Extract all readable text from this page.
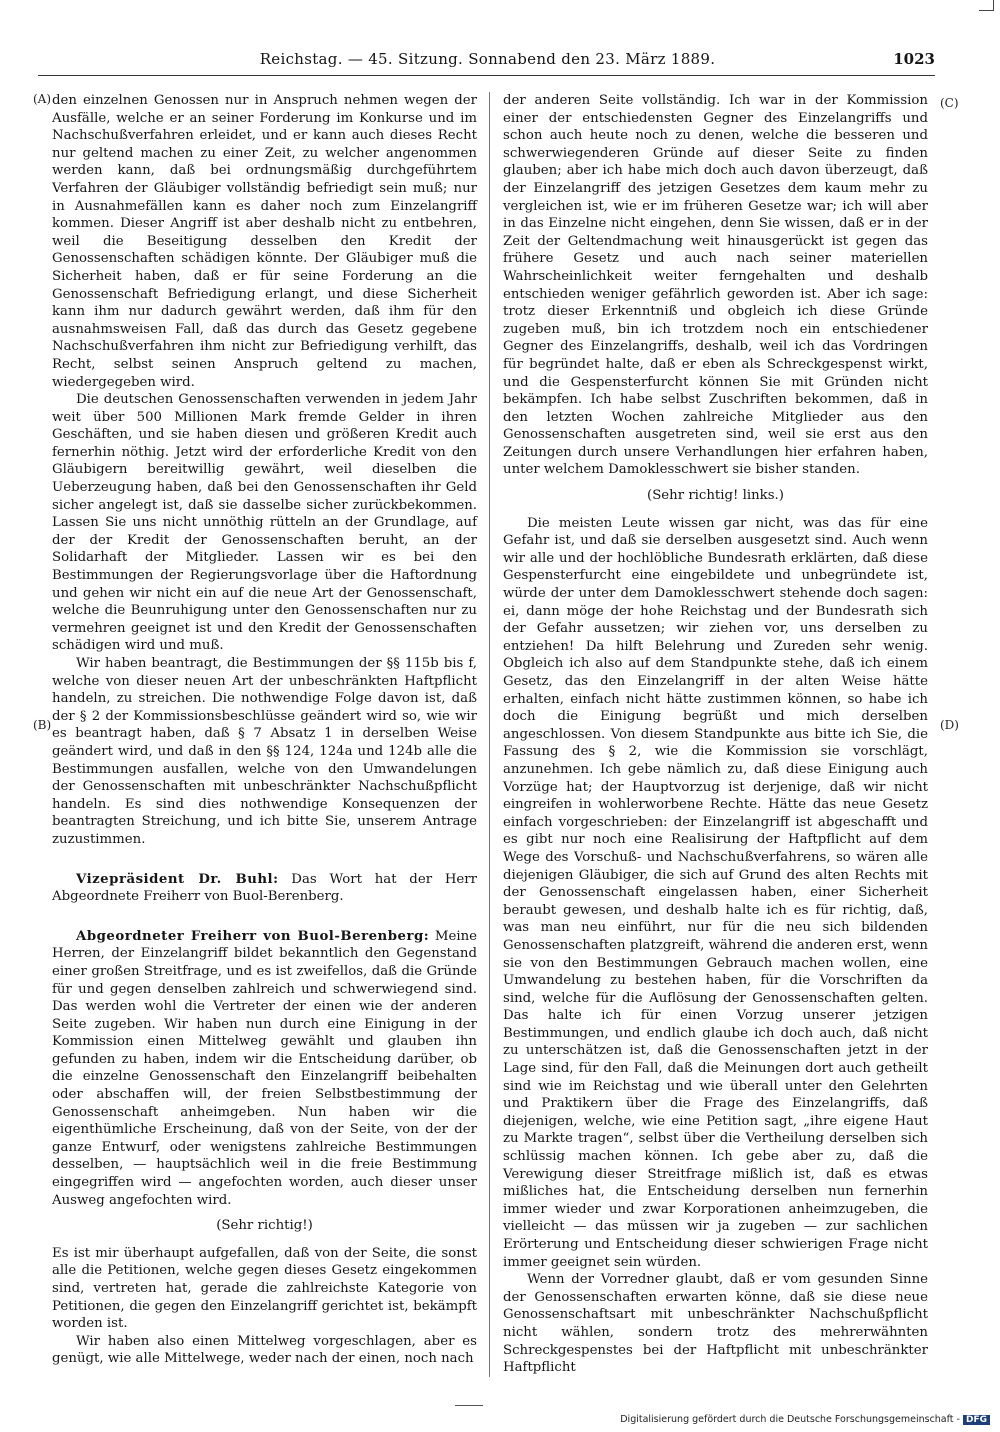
Reichstag. — 45. Sitzung. Sonnabend den 23. März 1889.	1023
(A)
(B)
(C)
(D)

den einzelnen Genossen nur in Anspruch nehmen wegen der Ausfälle, welche er an seiner Forderung im Konkurse und im Nachschußverfahren erleidet, und er kann auch dieses Recht nur geltend machen zu einer Zeit, zu welcher angenommen werden kann, daß bei ordnungsmäßig durchgeführtem Verfahren der Gläubiger vollständig befriedigt sein muß; nur in Ausnahmefällen kann es daher noch zum Einzelangriff kommen. Dieser Angriff ist aber deshalb nicht zu entbehren, weil die Beseitigung desselben den Kredit der Genossenschaften schädigen könnte. Der Gläubiger muß die Sicherheit haben, daß er für seine Forderung an die Genossenschaft Befriedigung erlangt, und diese Sicherheit kann ihm nur dadurch gewährt werden, daß ihm für den ausnahmsweisen Fall, daß das durch das Gesetz gegebene Nachschußverfahren ihm nicht zur Befriedigung verhilft, das Recht, selbst seinen Anspruch geltend zu machen, wiedergegeben wird.

Die deutschen Genossenschaften verwenden in jedem Jahr weit über 500 Millionen Mark fremde Gelder in ihren Geschäften, und sie haben diesen und größeren Kredit auch fernerhin nöthig. Jetzt wird der erforderliche Kredit von den Gläubigern bereitwillig gewährt, weil dieselben die Ueberzeugung haben, daß bei den Genossenschaften ihr Geld sicher angelegt ist, daß sie dasselbe sicher zurückbekommen. Lassen Sie uns nicht unnöthig rütteln an der Grundlage, auf der der Kredit der Genossenschaften beruht, an der Solidarhaft der Mitglieder. Lassen wir es bei den Bestimmungen der Regierungsvorlage über die Haftordnung und gehen wir nicht ein auf die neue Art der Genossenschaft, welche die Beunruhigung unter den Genossenschaften nur zu vermehren geeignet ist und den Kredit der Genossenschaften schädigen wird und muß.

Wir haben beantragt, die Bestimmungen der §§ 115b bis f, welche von dieser neuen Art der unbeschränkten Haftpflicht handeln, zu streichen. Die nothwendige Folge davon ist, daß der § 2 der Kommissionsbeschlüsse geändert wird so, wie wir es beantragt haben, daß § 7 Absatz 1 in derselben Weise geändert wird, und daß in den §§ 124, 124a und 124b alle die Bestimmungen ausfallen, welche von den Umwandelungen der Genossenschaften mit unbeschränkter Nachschußpflicht handeln. Es sind dies nothwendige Konsequenzen der beantragten Streichung, und ich bitte Sie, unserem Antrage zuzustimmen.

Vizepräsident Dr. Buhl: Das Wort hat der Herr Abgeordnete Freiherr von Buol-Berenberg.

Abgeordneter Freiherr von Buol-Berenberg: Meine Herren, der Einzelangriff bildet bekanntlich den Gegenstand einer großen Streitfrage, und es ist zweifellos, daß die Gründe für und gegen denselben zahlreich und schwerwiegend sind. Das werden wohl die Vertreter der einen wie der anderen Seite zugeben. Wir haben nun durch eine Einigung in der Kommission einen Mittelweg gewählt und glauben ihn gefunden zu haben, indem wir die Entscheidung darüber, ob die einzelne Genossenschaft den Einzelangriff beibehalten oder abschaffen will, der freien Selbstbestimmung der Genossenschaft anheimgeben. Nun haben wir die eigenthümliche Erscheinung, daß von der Seite, von der der ganze Entwurf, oder wenigstens zahlreiche Bestimmungen desselben, — hauptsächlich weil in die freie Bestimmung eingegriffen wird — angefochten worden, auch dieser unser Ausweg angefochten wird.

(Sehr richtig!)

Es ist mir überhaupt aufgefallen, daß von der Seite, die sonst alle die Petitionen, welche gegen dieses Gesetz eingekommen sind, vertreten hat, gerade die zahlreichste Kategorie von Petitionen, die gegen den Einzelangriff gerichtet ist, bekämpft worden ist.

Wir haben also einen Mittelweg vorgeschlagen, aber es genügt, wie alle Mittelwege, weder nach der einen, noch nach

der anderen Seite vollständig. Ich war in der Kommission einer der entschiedensten Gegner des Einzelangriffs und schon auch heute noch zu denen, welche die besseren und schwerwiegenderen Gründe auf dieser Seite zu finden glauben; aber ich habe mich doch auch davon überzeugt, daß der Einzelangriff des jetzigen Gesetzes dem kaum mehr zu vergleichen ist, wie er im früheren Gesetze war; ich will aber in das Einzelne nicht eingehen, denn Sie wissen, daß er in der Zeit der Geltendmachung weit hinausgerückt ist gegen das frühere Gesetz und auch nach seiner materiellen Wahrscheinlichkeit weiter ferngehalten und deshalb entschieden weniger gefährlich geworden ist. Aber ich sage: trotz dieser Erkenntniß und obgleich ich diese Gründe zugeben muß, bin ich trotzdem noch ein entschiedener Gegner des Einzelangriffs, deshalb, weil ich das Vordringen für begründet halte, daß er eben als Schreckgespenst wirkt, und die Gespensterfurcht können Sie mit Gründen nicht bekämpfen. Ich habe selbst Zuschriften bekommen, daß in den letzten Wochen zahlreiche Mitglieder aus den Genossenschaften ausgetreten sind, weil sie erst aus den Zeitungen durch unsere Verhandlungen hier erfahren haben, unter welchem Damoklesschwert sie bisher standen.

(Sehr richtig! links.)

Die meisten Leute wissen gar nicht, was das für eine Gefahr ist, und daß sie derselben ausgesetzt sind. Auch wenn wir alle und der hochlöbliche Bundesrath erklärten, daß diese Gespensterfurcht eine eingebildete und unbegründete ist, würde der unter dem Damoklesschwert stehende doch sagen: ei, dann möge der hohe Reichstag und der Bundesrath sich der Gefahr aussetzen; wir ziehen vor, uns derselben zu entziehen! Da hilft Belehrung und Zureden sehr wenig. Obgleich ich also auf dem Standpunkte stehe, daß ich einem Gesetz, das den Einzelangriff in der alten Weise hätte erhalten, einfach nicht hätte zustimmen können, so habe ich doch die Einigung begrüßt und mich derselben angeschlossen. Von diesem Standpunkte aus bitte ich Sie, die Fassung des § 2, wie die Kommission sie vorschlägt, anzunehmen. Ich gebe nämlich zu, daß diese Einigung auch Vorzüge hat; der Hauptvorzug ist derjenige, daß wir nicht eingreifen in wohlerworbene Rechte. Hätte das neue Gesetz einfach vorgeschrieben: der Einzelangriff ist abgeschafft und es gibt nur noch eine Realisirung der Haftpflicht auf dem Wege des Vorschuß- und Nachschußverfahrens, so wären alle diejenigen Gläubiger, die sich auf Grund des alten Rechts mit der Genossenschaft eingelassen haben, einer Sicherheit beraubt gewesen, und deshalb halte ich es für richtig, daß, was man neu einführt, nur für die neu sich bildenden Genossenschaften platzgreift, während die anderen erst, wenn sie von den Bestimmungen Gebrauch machen wollen, eine Umwandelung zu bestehen haben, für die Vorschriften da sind, welche für die Auflösung der Genossenschaften gelten. Das halte ich für einen Vorzug unserer jetzigen Bestimmungen, und endlich glaube ich doch auch, daß nicht zu unterschätzen ist, daß die Genossenschaften jetzt in der Lage sind, für den Fall, daß die Meinungen dort auch getheilt sind wie im Reichstag und wie überall unter den Gelehrten und Praktikern über die Frage des Einzelangriffs, daß diejenigen, welche, wie eine Petition sagt, „ihre eigene Haut zu Markte tragen“, selbst über die Vertheilung derselben sich schlüssig machen können. Ich gebe aber zu, daß die Verewigung dieser Streitfrage mißlich ist, daß es etwas mißliches hat, die Entscheidung derselben nun fernerhin immer wieder und zwar Korporationen anheimzugeben, die vielleicht — das müssen wir ja zugeben — zur sachlichen Erörterung und Entscheidung dieser schwierigen Frage nicht immer geeignet sein würden.

Wenn der Vorredner glaubt, daß er vom gesunden Sinne der Genossenschaften erwarten könne, daß sie diese neue Genossenschaftsart mit unbeschränkter Nachschußpflicht nicht wählen, sondern trotz des mehrerwähnten Schreckgespenstes bei der Haftpflicht mit unbeschränkter Haftpflicht

Digitalisierung gefördert durch die Deutsche Forschungsgemeinschaft - DFG
